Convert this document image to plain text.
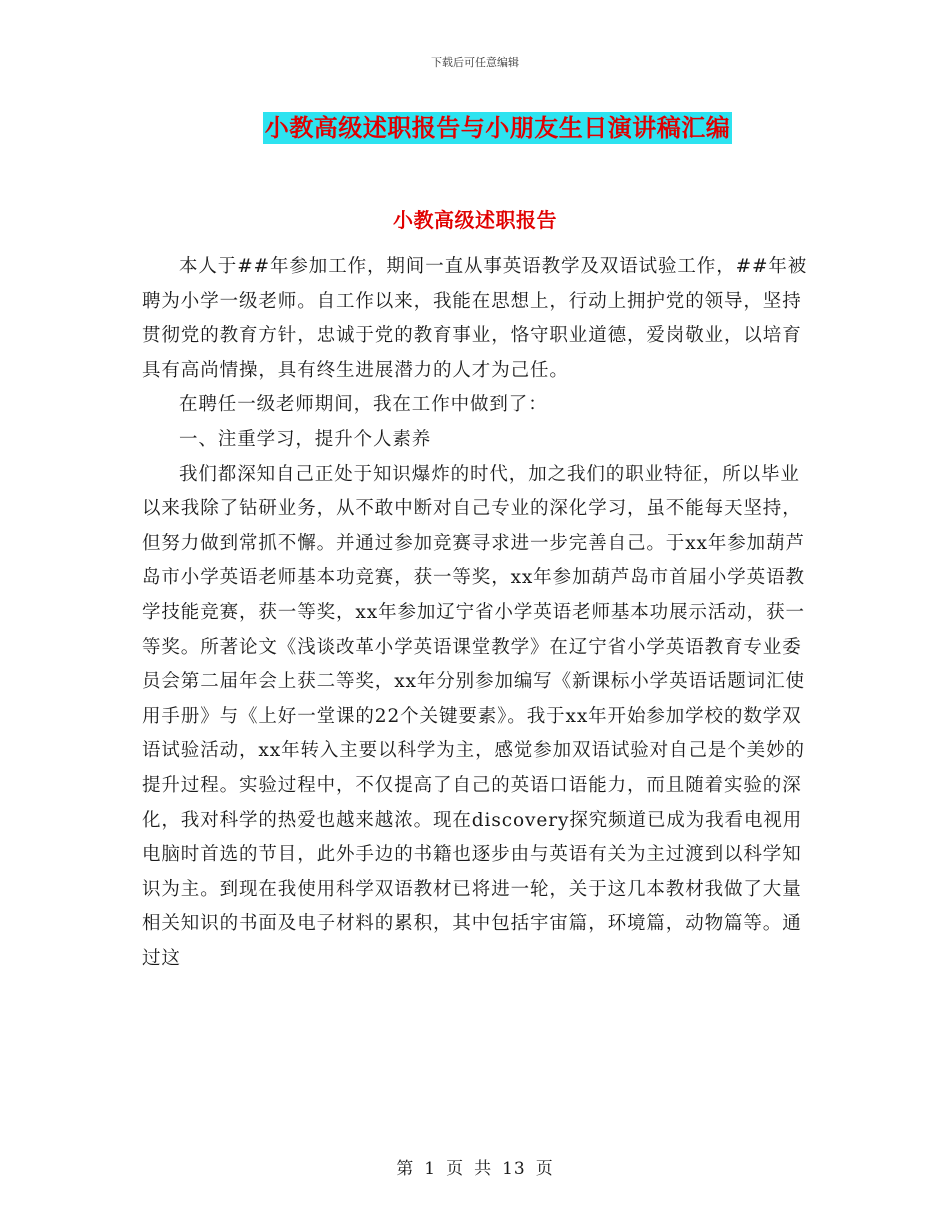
下载后可任意编辑
小教高级述职报告与小朋友生日演讲稿汇编
小教高级述职报告

本人于##年参加工作，期间一直从事英语教学及双语试验工作，##年被聘为小学一级老师。自工作以来，我能在思想上，行动上拥护党的领导，坚持贯彻党的教育方针，忠诚于党的教育事业，恪守职业道德，爱岗敬业，以培育具有高尚情操，具有终生进展潜力的人才为己任。

在聘任一级老师期间，我在工作中做到了：

一、注重学习，提升个人素养

我们都深知自己正处于知识爆炸的时代，加之我们的职业特征，所以毕业以来我除了钻研业务，从不敢中断对自己专业的深化学习，虽不能每天坚持，但努力做到常抓不懈。并通过参加竞赛寻求进一步完善自己。于xx年参加葫芦岛市小学英语老师基本功竞赛，获一等奖，xx年参加葫芦岛市首届小学英语教学技能竞赛，获一等奖，xx年参加辽宁省小学英语老师基本功展示活动，获一等奖。所著论文《浅谈改革小学英语课堂教学》在辽宁省小学英语教育专业委员会第二届年会上获二等奖，xx年分别参加编写《新课标小学英语话题词汇使用手册》与《上好一堂课的22个关键要素》。我于xx年开始参加学校的数学双语试验活动，xx年转入主要以科学为主，感觉参加双语试验对自己是个美妙的提升过程。实验过程中，不仅提高了自己的英语口语能力，而且随着实验的深化，我对科学的热爱也越来越浓。现在discovery探究频道已成为我看电视用电脑时首选的节目，此外手边的书籍也逐步由与英语有关为主过渡到以科学知识为主。到现在我使用科学双语教材已将进一轮，关于这几本教材我做了大量相关知识的书面及电子材料的累积，其中包括宇宙篇，环境篇，动物篇等。通过这

第 1 页 共 13 页
